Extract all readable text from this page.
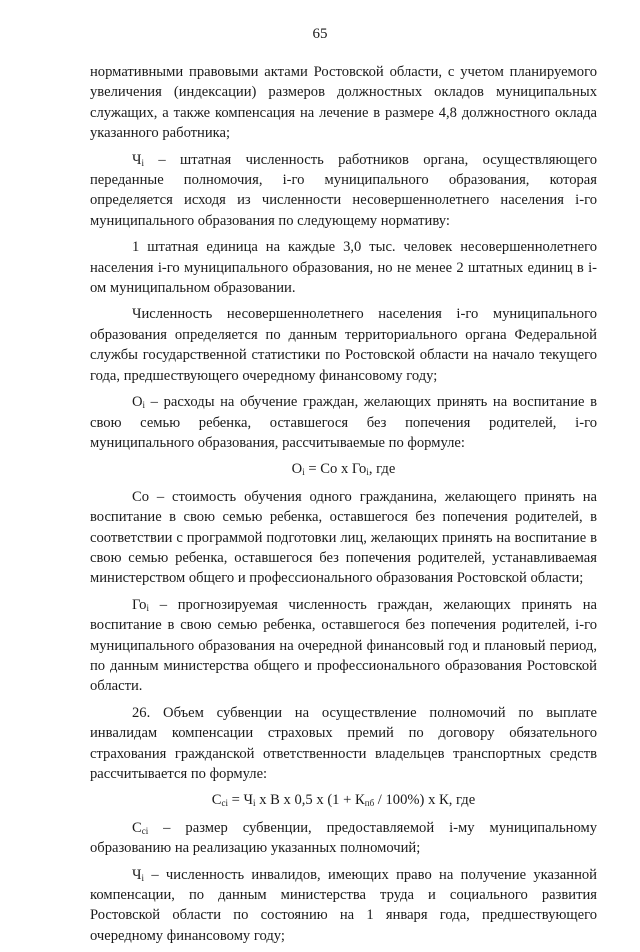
65

нормативными правовыми актами Ростовской области, с учетом планируемого увеличения (индексации) размеров должностных окладов муниципальных служащих, а также компенсация на лечение в размере 4,8 должностного оклада указанного работника;

$Ч_i$ – штатная численность работников органа, осуществляющего переданные полномочия, i-го муниципального образования, которая определяется исходя из численности несовершеннолетнего населения i-го муниципального образования по следующему нормативу:

1 штатная единица на каждые 3,0 тыс. человек несовершеннолетнего населения i-го муниципального образования, но не менее 2 штатных единиц в i-ом муниципальном образовании.

Численность несовершеннолетнего населения i-го муниципального образования определяется по данным территориального органа Федеральной службы государственной статистики по Ростовской области на начало текущего года, предшествующего очередному финансовому году;

$О_i$ – расходы на обучение граждан, желающих принять на воспитание в свою семью ребенка, оставшегося без попечения родителей, i-го муниципального образования, рассчитываемые по формуле:

$О_i$ = Со x $Го_i$, где

Со – стоимость обучения одного гражданина, желающего принять на воспитание в свою семью ребенка, оставшегося без попечения родителей, в соответствии с программой подготовки лиц, желающих принять на воспитание в свою семью ребенка, оставшегося без попечения родителей, устанавливаемая министерством общего и профессионального образования Ростовской области;

$Го_i$ – прогнозируемая численность граждан, желающих принять на воспитание в свою семью ребенка, оставшегося без попечения родителей, i-го муниципального образования на очередной финансовый год и плановый период, по данным министерства общего и профессионального образования Ростовской области.

26. Объем субвенции на осуществление полномочий по выплате инвалидам компенсации страховых премий по договору обязательного страхования гражданской ответственности владельцев транспортных средств рассчитывается по формуле:

$С_{сi} = Ч_i$ x В x 0,5 x $(1 + К_{пб} / 100\%)$ x К, где

$С_{сi}$ – размер субвенции, предоставляемой i-му муниципальному образованию на реализацию указанных полномочий;

$Ч_i$ – численность инвалидов, имеющих право на получение указанной компенсации, по данным министерства труда и социального развития Ростовской области по состоянию на 1 января года, предшествующего очередному финансовому году;
